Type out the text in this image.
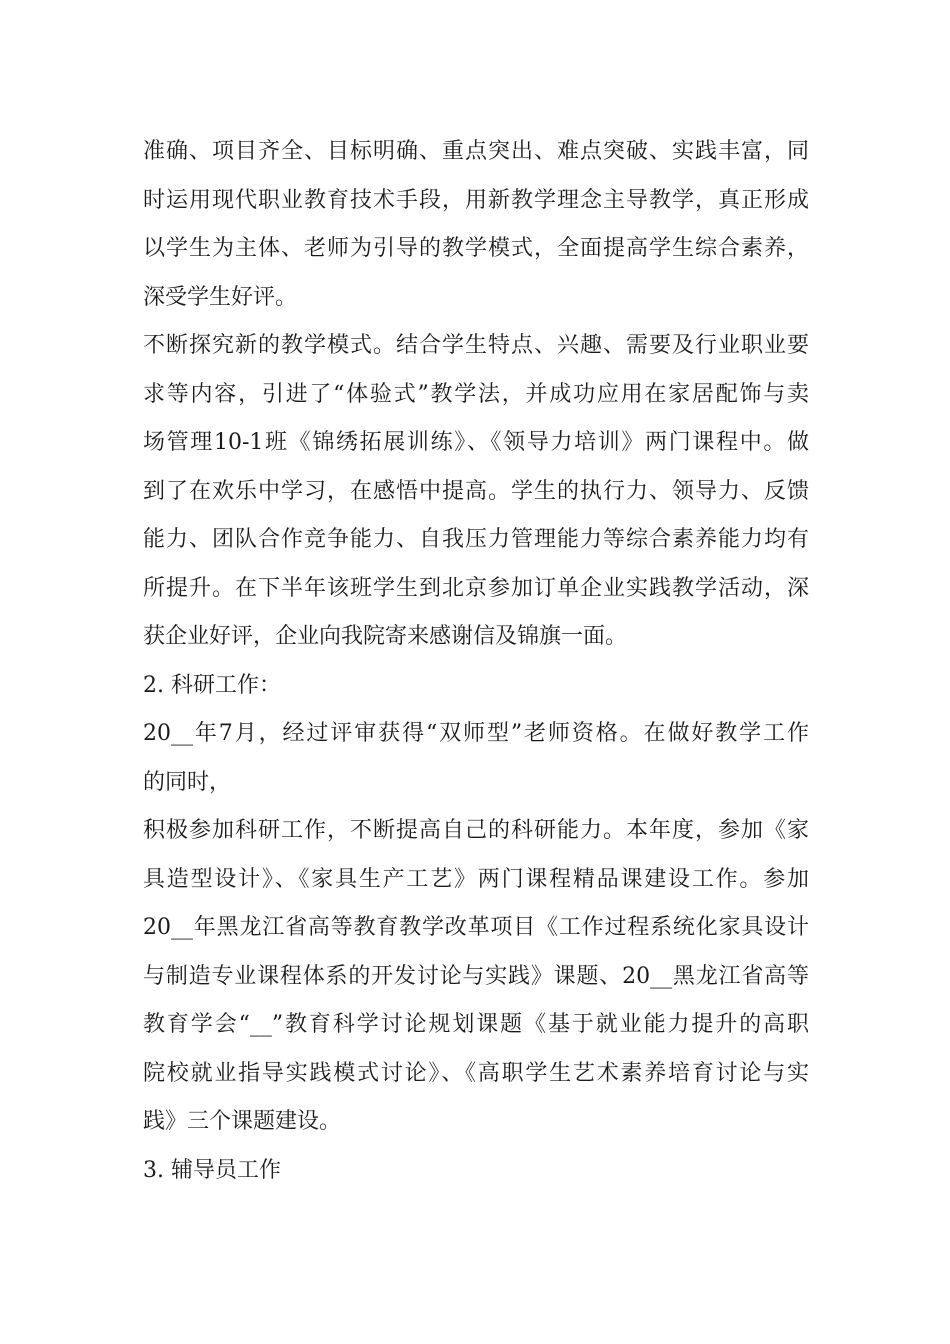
准确、项目齐全、目标明确、重点突出、难点突破、实践丰富，同
时运用现代职业教育技术手段，用新教学理念主导教学，真正形成
以学生为主体、老师为引导的教学模式，全面提高学生综合素养，
深受学生好评。
不断探究新的教学模式。结合学生特点、兴趣、需要及行业职业要
求等内容，引进了“体验式”教学法，并成功应用在家居配饰与卖
场管理10-1班《锦绣拓展训练》、《领导力培训》两门课程中。做
到了在欢乐中学习，在感悟中提高。学生的执行力、领导力、反馈
能力、团队合作竞争能力、自我压力管理能力等综合素养能力均有
所提升。在下半年该班学生到北京参加订单企业实践教学活动，深
获企业好评，企业向我院寄来感谢信及锦旗一面。
2. 科研工作：
20__年7月，经过评审获得“双师型”老师资格。在做好教学工作
的同时，
积极参加科研工作，不断提高自己的科研能力。本年度，参加《家
具造型设计》、《家具生产工艺》两门课程精品课建设工作。参加
20__年黑龙江省高等教育教学改革项目《工作过程系统化家具设计
与制造专业课程体系的开发讨论与实践》课题、20__黑龙江省高等
教育学会“__”教育科学讨论规划课题《基于就业能力提升的高职
院校就业指导实践模式讨论》、《高职学生艺术素养培育讨论与实
践》三个课题建设。
3. 辅导员工作
